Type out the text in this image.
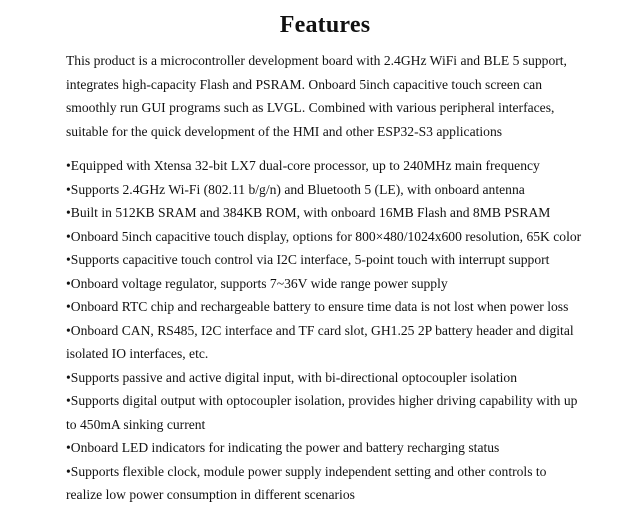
Features

This product is a microcontroller development board with 2.4GHz WiFi and BLE 5 support, integrates high-capacity Flash and PSRAM. Onboard 5inch capacitive touch screen can smoothly run GUI programs such as LVGL. Combined with various peripheral interfaces, suitable for the quick development of the HMI and other ESP32-S3 applications

•Equipped with Xtensa 32-bit LX7 dual-core processor, up to 240MHz main frequency
•Supports 2.4GHz Wi-Fi (802.11 b/g/n) and Bluetooth 5 (LE), with onboard antenna
•Built in 512KB SRAM and 384KB ROM, with onboard 16MB Flash and 8MB PSRAM
•Onboard 5inch capacitive touch display, options for 800×480/1024x600 resolution, 65K color
•Supports capacitive touch control via I2C interface, 5-point touch with interrupt support
•Onboard voltage regulator, supports 7~36V wide range power supply
•Onboard RTC chip and rechargeable battery to ensure time data is not lost when power loss
•Onboard CAN, RS485, I2C interface and TF card slot, GH1.25 2P battery header and digital isolated IO interfaces, etc.
•Supports passive and active digital input, with bi-directional optocoupler isolation
•Supports digital output with optocoupler isolation, provides higher driving capability with up to 450mA sinking current
•Onboard LED indicators for indicating the power and battery recharging status
•Supports flexible clock, module power supply independent setting and other controls to realize low power consumption in different scenarios
